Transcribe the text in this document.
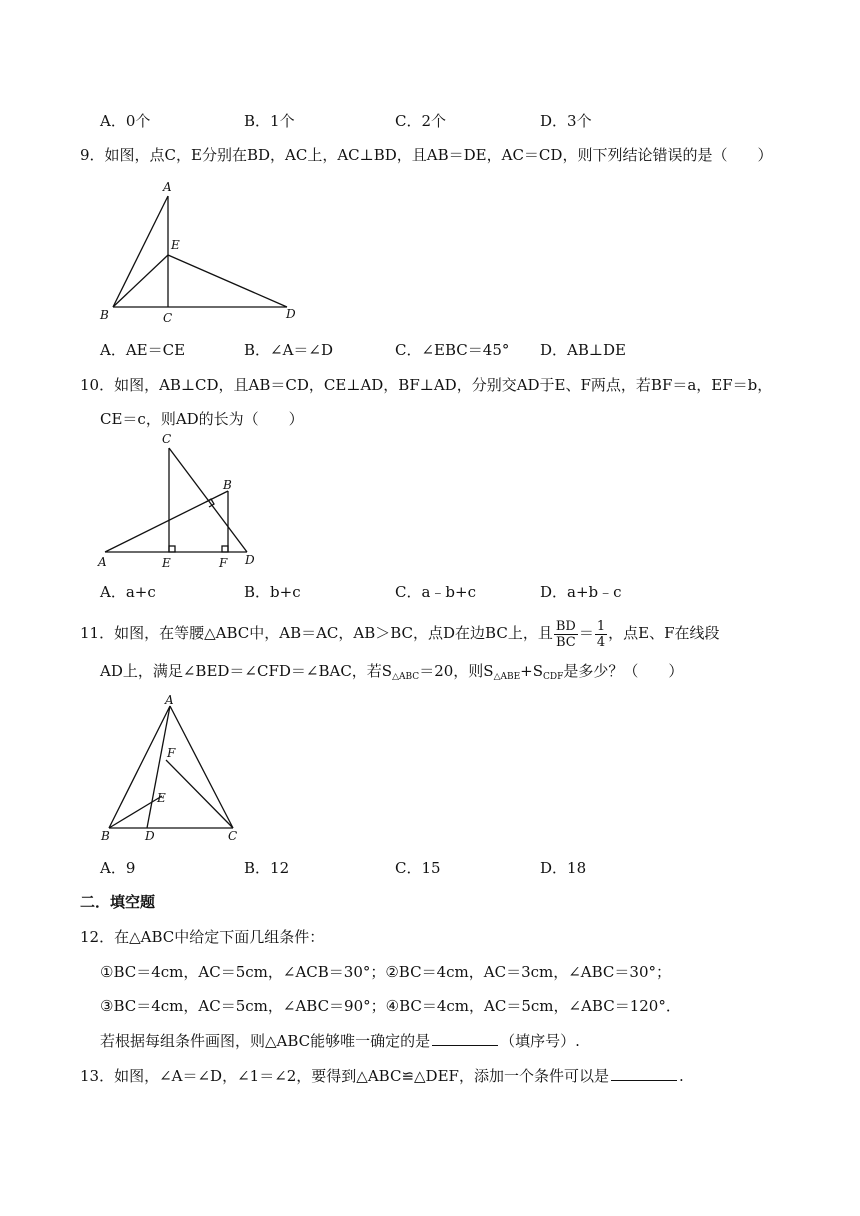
A．0个	B．1个	C．2个	D．3个
9．如图，点C，E分别在BD，AC上，AC⊥BD，且AB＝DE，AC＝CD，则下列结论错误的是（　　）
A
E
B	C	D
A．AE＝CE	B．∠A＝∠D	C．∠EBC＝45° D．AB⊥DE
10．如图，AB⊥CD，且AB＝CD，CE⊥AD，BF⊥AD，分别交AD于E、F两点，若BF＝a，EF＝b，
CE＝c，则AD的长为（　　）
C
B
A	E	F D
A．a+c	B．b+c	C．a﹣b+c	D．a+b﹣c
11．如图，在等腰△ABC中，AB＝AC，AB＞BC，点D在边BC上，且 $\frac{BD}{BC} = \frac{1}{4}$ ，点E、F在线段
AD上，满足∠BED＝∠CFD＝∠BAC，若$S_{\triangle ABC}=20$，则$S_{\triangle ABE}+S_{CDF}$是多少？（　　）
A
F
E
B	D	C
A．9	B．12	C．15	D．18
二．填空题
12．在△ABC中给定下面几组条件：
①BC＝4cm，AC＝5cm，∠ACB＝30°；②BC＝4cm，AC＝3cm，∠ABC＝30°；
③BC＝4cm，AC＝5cm，∠ABC＝90°；④BC＝4cm，AC＝5cm，∠ABC＝120°．
若根据每组条件画图，则△ABC能够唯一确定的是	（填序号）.
13．如图，∠A＝∠D，∠1＝∠2，要得到△ABC≌△DEF，添加一个条件可以是	.
